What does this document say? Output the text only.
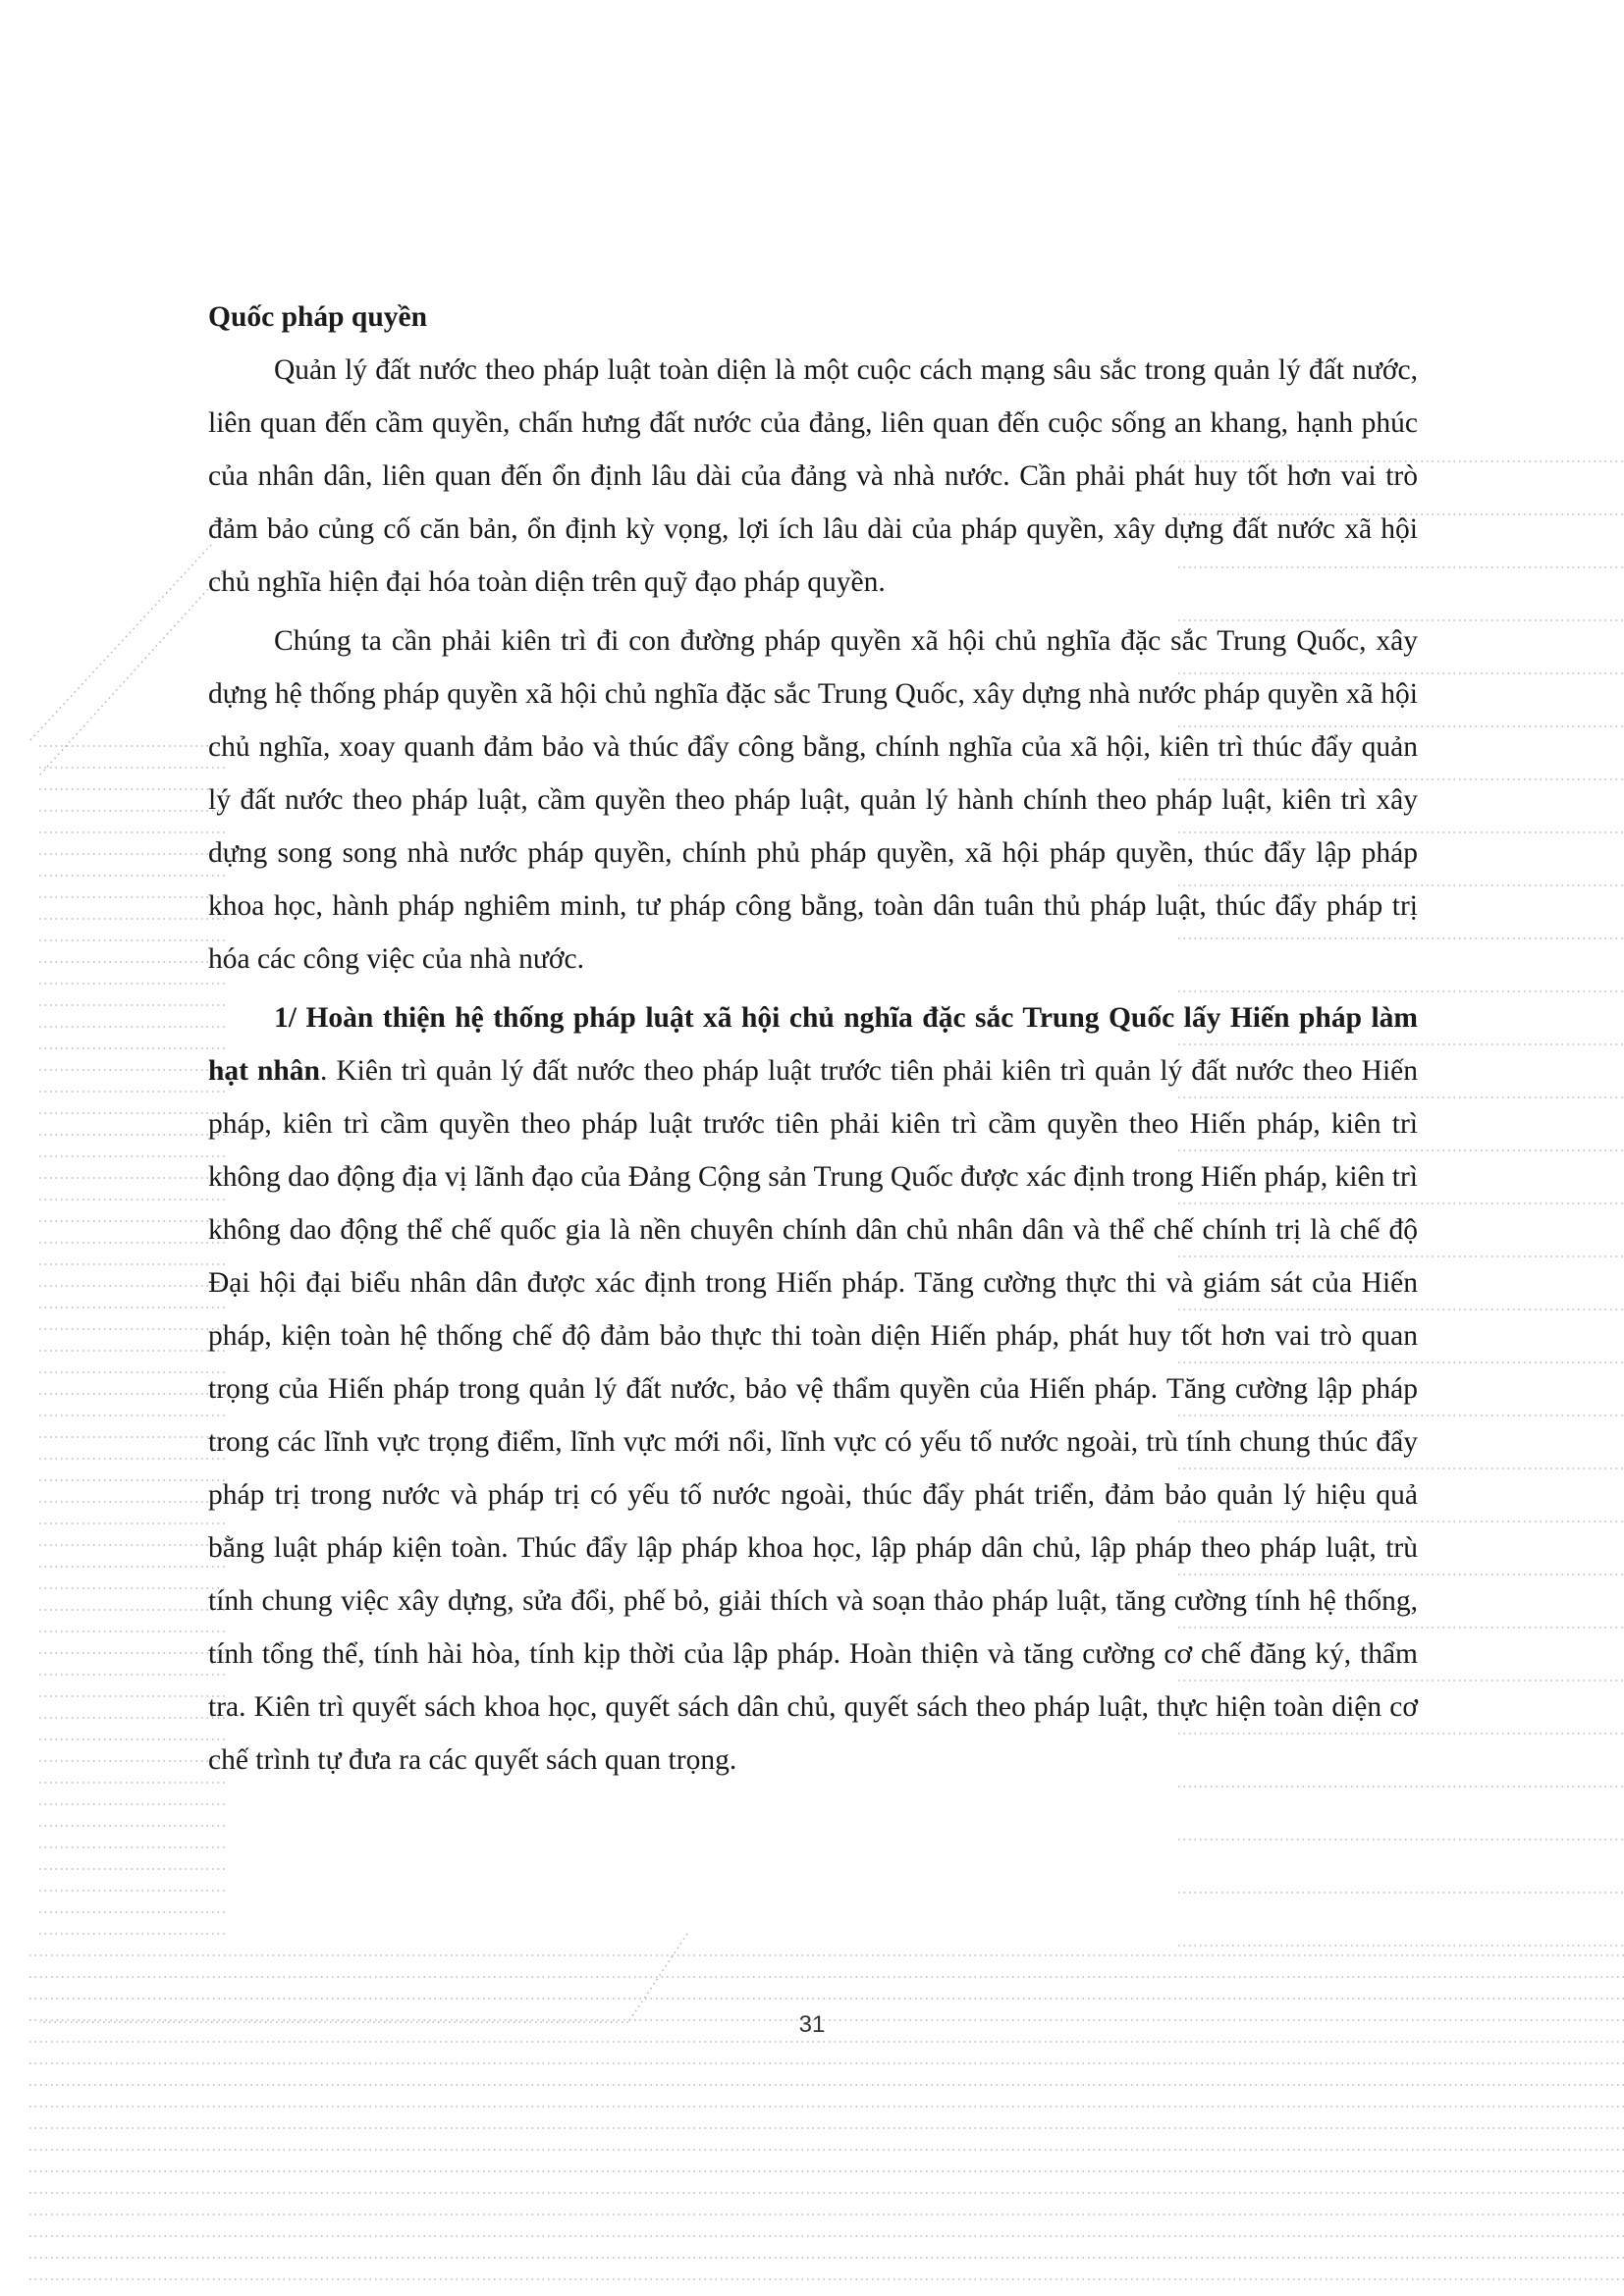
Quốc pháp quyền

Quản lý đất nước theo pháp luật toàn diện là một cuộc cách mạng sâu sắc trong quản lý đất nước, liên quan đến cầm quyền, chấn hưng đất nước của đảng, liên quan đến cuộc sống an khang, hạnh phúc của nhân dân, liên quan đến ổn định lâu dài của đảng và nhà nước. Cần phải phát huy tốt hơn vai trò đảm bảo củng cố căn bản, ổn định kỳ vọng, lợi ích lâu dài của pháp quyền, xây dựng đất nước xã hội chủ nghĩa hiện đại hóa toàn diện trên quỹ đạo pháp quyền.

Chúng ta cần phải kiên trì đi con đường pháp quyền xã hội chủ nghĩa đặc sắc Trung Quốc, xây dựng hệ thống pháp quyền xã hội chủ nghĩa đặc sắc Trung Quốc, xây dựng nhà nước pháp quyền xã hội chủ nghĩa, xoay quanh đảm bảo và thúc đẩy công bằng, chính nghĩa của xã hội, kiên trì thúc đẩy quản lý đất nước theo pháp luật, cầm quyền theo pháp luật, quản lý hành chính theo pháp luật, kiên trì xây dựng song song nhà nước pháp quyền, chính phủ pháp quyền, xã hội pháp quyền, thúc đẩy lập pháp khoa học, hành pháp nghiêm minh, tư pháp công bằng, toàn dân tuân thủ pháp luật, thúc đẩy pháp trị hóa các công việc của nhà nước.

1/ Hoàn thiện hệ thống pháp luật xã hội chủ nghĩa đặc sắc Trung Quốc lấy Hiến pháp làm hạt nhân. Kiên trì quản lý đất nước theo pháp luật trước tiên phải kiên trì quản lý đất nước theo Hiến pháp, kiên trì cầm quyền theo pháp luật trước tiên phải kiên trì cầm quyền theo Hiến pháp, kiên trì không dao động địa vị lãnh đạo của Đảng Cộng sản Trung Quốc được xác định trong Hiến pháp, kiên trì không dao động thể chế quốc gia là nền chuyên chính dân chủ nhân dân và thể chế chính trị là chế độ Đại hội đại biểu nhân dân được xác định trong Hiến pháp. Tăng cường thực thi và giám sát của Hiến pháp, kiện toàn hệ thống chế độ đảm bảo thực thi toàn diện Hiến pháp, phát huy tốt hơn vai trò quan trọng của Hiến pháp trong quản lý đất nước, bảo vệ thẩm quyền của Hiến pháp. Tăng cường lập pháp trong các lĩnh vực trọng điểm, lĩnh vực mới nổi, lĩnh vực có yếu tố nước ngoài, trù tính chung thúc đẩy pháp trị trong nước và pháp trị có yếu tố nước ngoài, thúc đẩy phát triển, đảm bảo quản lý hiệu quả bằng luật pháp kiện toàn. Thúc đẩy lập pháp khoa học, lập pháp dân chủ, lập pháp theo pháp luật, trù tính chung việc xây dựng, sửa đổi, phế bỏ, giải thích và soạn thảo pháp luật, tăng cường tính hệ thống, tính tổng thể, tính hài hòa, tính kịp thời của lập pháp. Hoàn thiện và tăng cường cơ chế đăng ký, thẩm tra. Kiên trì quyết sách khoa học, quyết sách dân chủ, quyết sách theo pháp luật, thực hiện toàn diện cơ chế trình tự đưa ra các quyết sách quan trọng.

31
